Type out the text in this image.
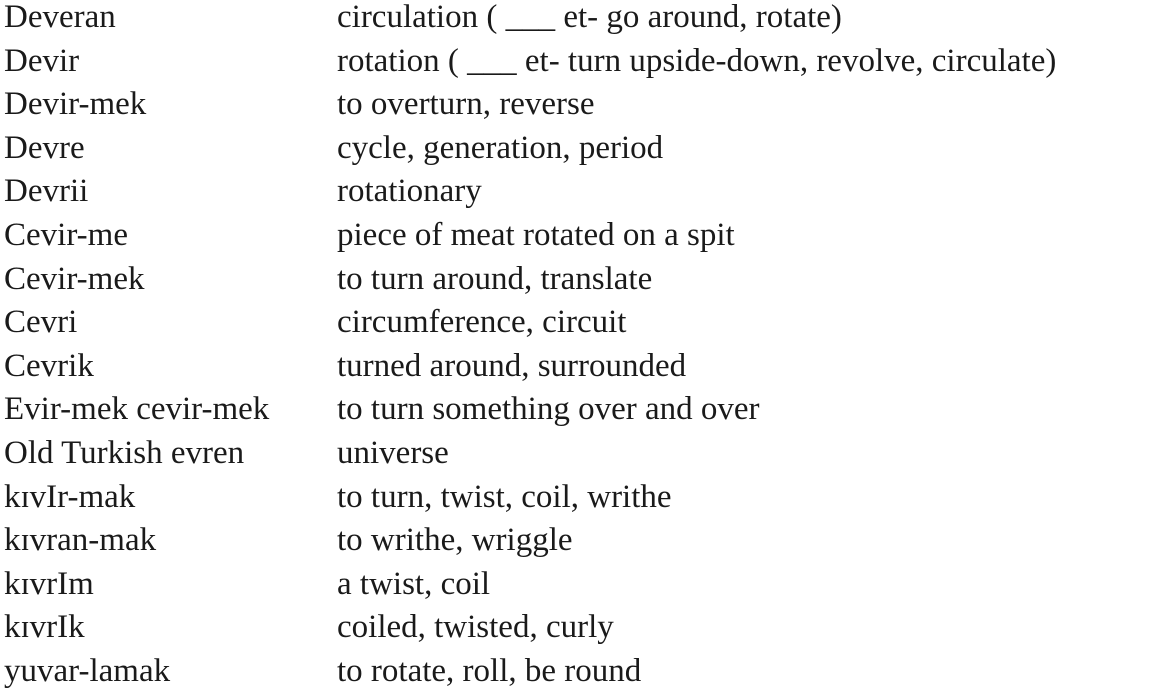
Deveran	circulation ( ___ et- go around, rotate)
Devir	rotation ( ___ et- turn upside-down, revolve, circulate)
Devir-mek	to overturn, reverse
Devre	cycle, generation, period
Devrii	rotationary
Cevir-me	piece of meat rotated on a spit
Cevir-mek	to turn around, translate
Cevri	circumference, circuit
Cevrik	turned around, surrounded
Evir-mek cevir-mek	to turn something over and over
Old Turkish evren	universe
kɪvIr-mak	to turn, twist, coil, writhe
kɪvran-mak	to writhe, wriggle
kɪvrIm	a twist, coil
kɪvrIk	coiled, twisted, curly
yuvar-lamak	to rotate, roll, be round
